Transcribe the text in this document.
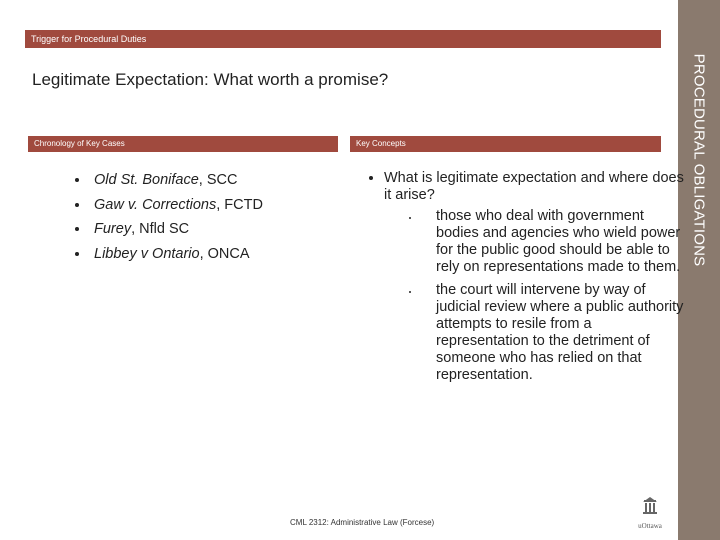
PROCEDURAL OBLIGATIONS
Trigger for Procedural Duties
Legitimate Expectation: What worth a promise?
Chronology of Key Cases	Key Concepts
• Old St. Boniface, SCC
• Gaw v. Corrections, FCTD
• Furey, Nfld SC
• Libbey v Ontario, ONCA
• What is legitimate expectation and where does it arise?
• those who deal with government bodies and agencies who wield power for the public good should be able to rely on representations made to them.
• the court will intervene by way of judicial review where a public authority attempts to resile from a representation to the detriment of someone who has relied on that representation.
CML 2312: Administrative Law (Forcese)	uOttawa
